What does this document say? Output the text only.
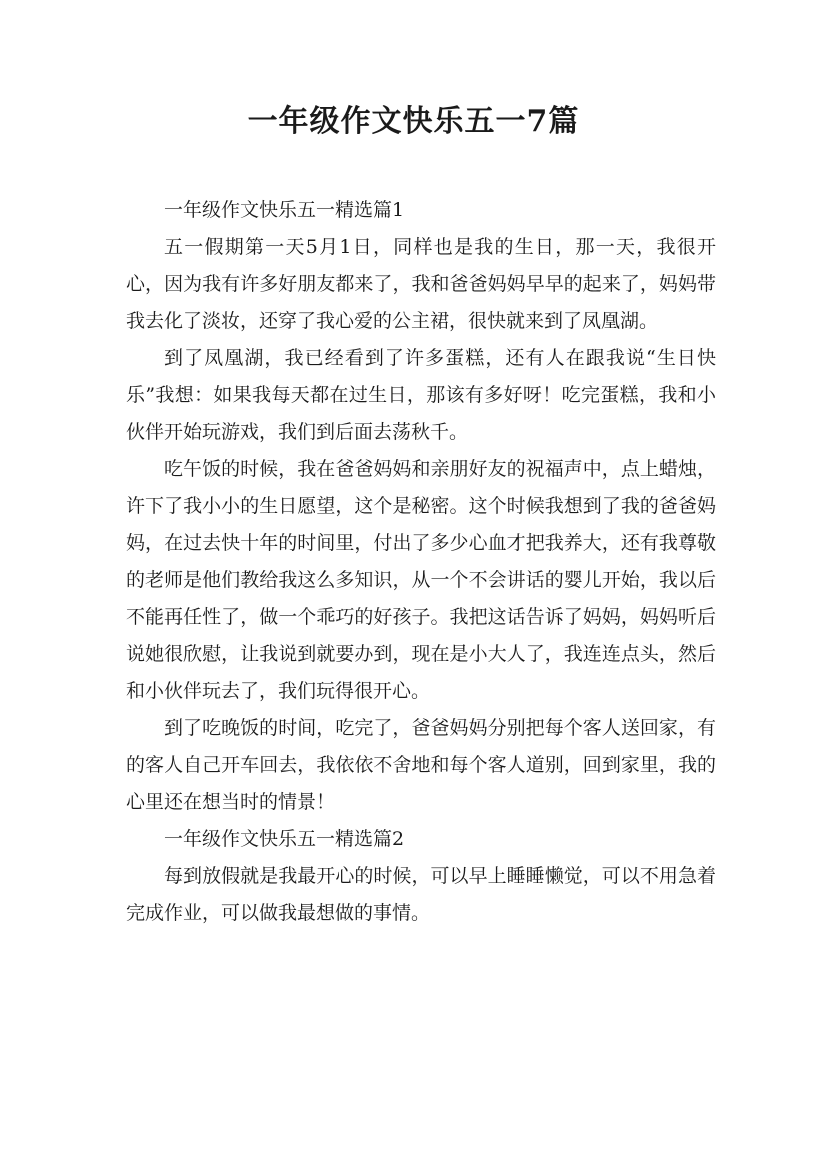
一年级作文快乐五一7篇

一年级作文快乐五一精选篇1

五一假期第一天5月1日，同样也是我的生日，那一天，我很开心，因为我有许多好朋友都来了，我和爸爸妈妈早早的起来了，妈妈带我去化了淡妆，还穿了我心爱的公主裙，很快就来到了凤凰湖。

到了凤凰湖，我已经看到了许多蛋糕，还有人在跟我说“生日快乐”我想：如果我每天都在过生日，那该有多好呀！吃完蛋糕，我和小伙伴开始玩游戏，我们到后面去荡秋千。

吃午饭的时候，我在爸爸妈妈和亲朋好友的祝福声中，点上蜡烛，许下了我小小的生日愿望，这个是秘密。这个时候我想到了我的爸爸妈妈，在过去快十年的时间里，付出了多少心血才把我养大，还有我尊敬的老师是他们教给我这么多知识，从一个不会讲话的婴儿开始，我以后不能再任性了，做一个乖巧的好孩子。我把这话告诉了妈妈，妈妈听后说她很欣慰，让我说到就要办到，现在是小大人了，我连连点头，然后和小伙伴玩去了，我们玩得很开心。

到了吃晚饭的时间，吃完了，爸爸妈妈分别把每个客人送回家，有的客人自己开车回去，我依依不舍地和每个客人道别，回到家里，我的心里还在想当时的情景！

一年级作文快乐五一精选篇2

每到放假就是我最开心的时候，可以早上睡睡懒觉，可以不用急着完成作业，可以做我最想做的事情。
